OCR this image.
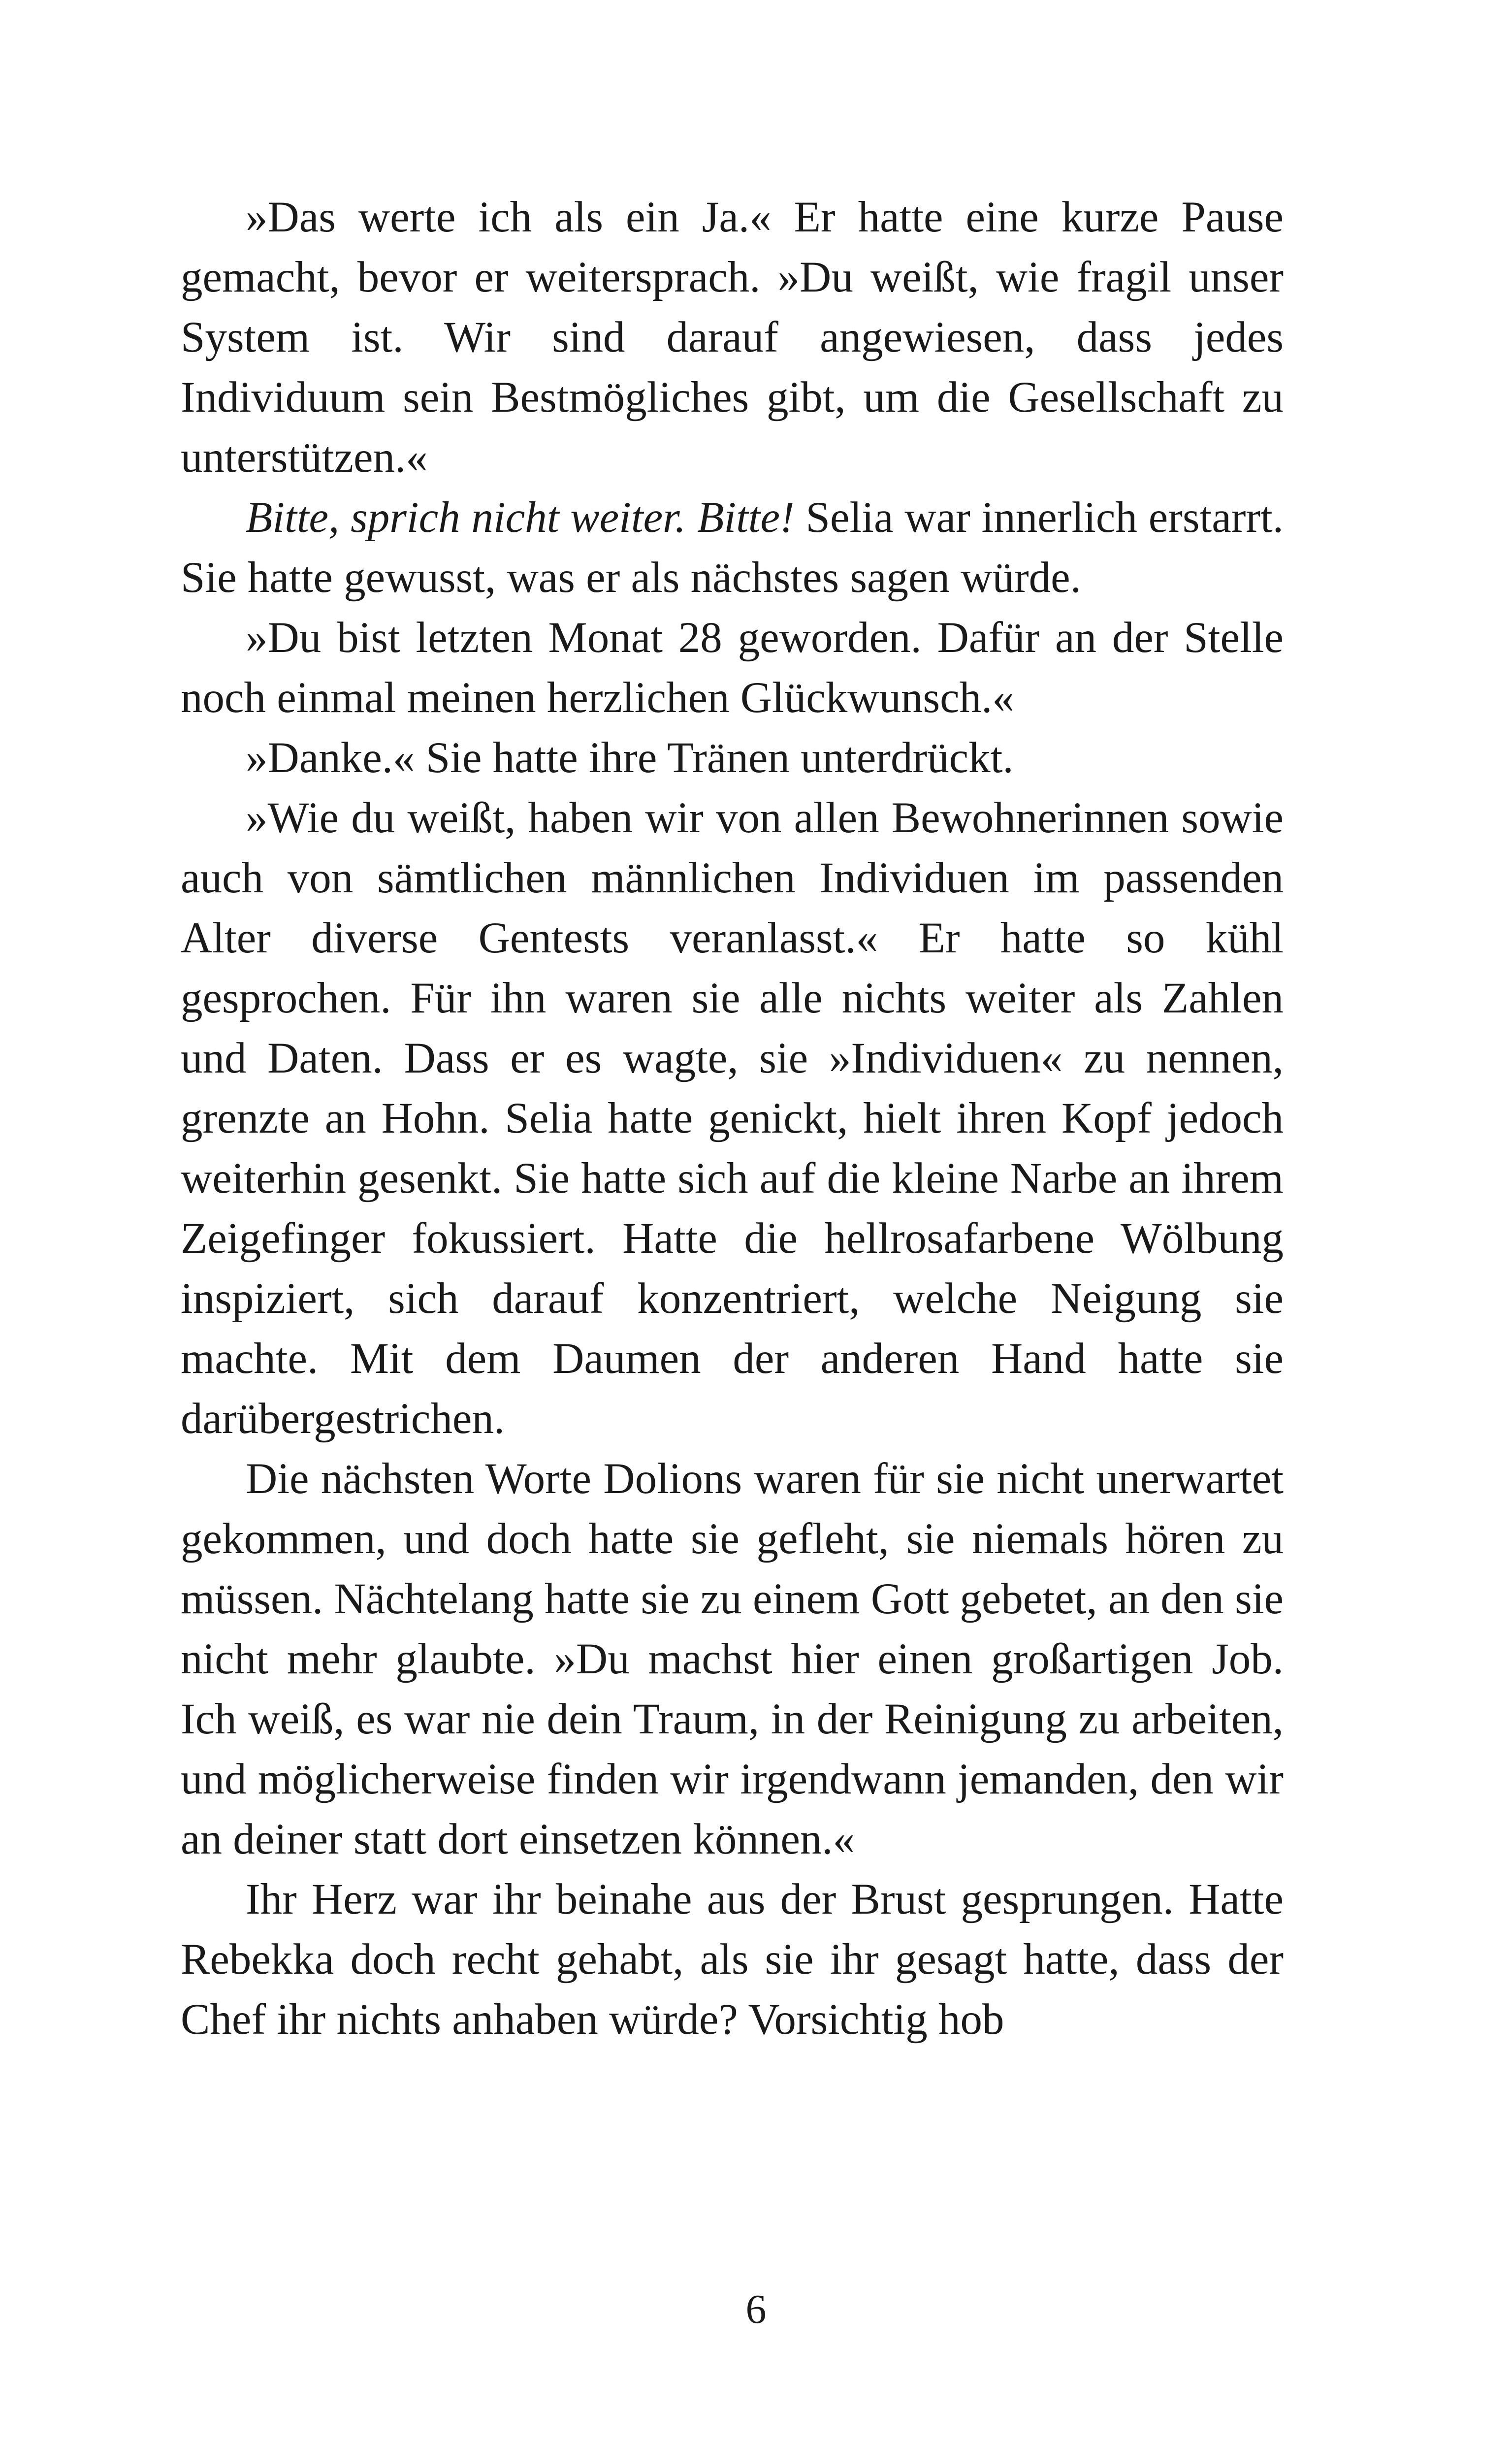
»Das werte ich als ein Ja.« Er hatte eine kurze Pause gemacht, bevor er weitersprach. »Du weißt, wie fragil unser System ist. Wir sind darauf angewiesen, dass jedes Individuum sein Bestmögliches gibt, um die Gesellschaft zu unterstützen.«

Bitte, sprich nicht weiter. Bitte! Selia war innerlich erstarrt. Sie hatte gewusst, was er als nächstes sagen würde.

»Du bist letzten Monat 28 geworden. Dafür an der Stelle noch einmal meinen herzlichen Glückwunsch.«

»Danke.« Sie hatte ihre Tränen unterdrückt.

»Wie du weißt, haben wir von allen Bewohnerinnen sowie auch von sämtlichen männlichen Individuen im passenden Alter diverse Gentests veranlasst.« Er hatte so kühl gesprochen. Für ihn waren sie alle nichts weiter als Zahlen und Daten. Dass er es wagte, sie »Individuen« zu nennen, grenzte an Hohn. Selia hatte genickt, hielt ihren Kopf jedoch weiterhin gesenkt. Sie hatte sich auf die kleine Narbe an ihrem Zeigefinger fokussiert. Hatte die hellrosafarbene Wölbung inspiziert, sich darauf konzentriert, welche Neigung sie machte. Mit dem Daumen der anderen Hand hatte sie darübergestrichen.

Die nächsten Worte Dolions waren für sie nicht unerwartet gekommen, und doch hatte sie gefleht, sie niemals hören zu müssen. Nächtelang hatte sie zu einem Gott gebetet, an den sie nicht mehr glaubte. »Du machst hier einen großartigen Job. Ich weiß, es war nie dein Traum, in der Reinigung zu arbeiten, und möglicherweise finden wir irgendwann jemanden, den wir an deiner statt dort einsetzen können.«

Ihr Herz war ihr beinahe aus der Brust gesprungen. Hatte Rebekka doch recht gehabt, als sie ihr gesagt hatte, dass der Chef ihr nichts anhaben würde? Vorsichtig hob

6
